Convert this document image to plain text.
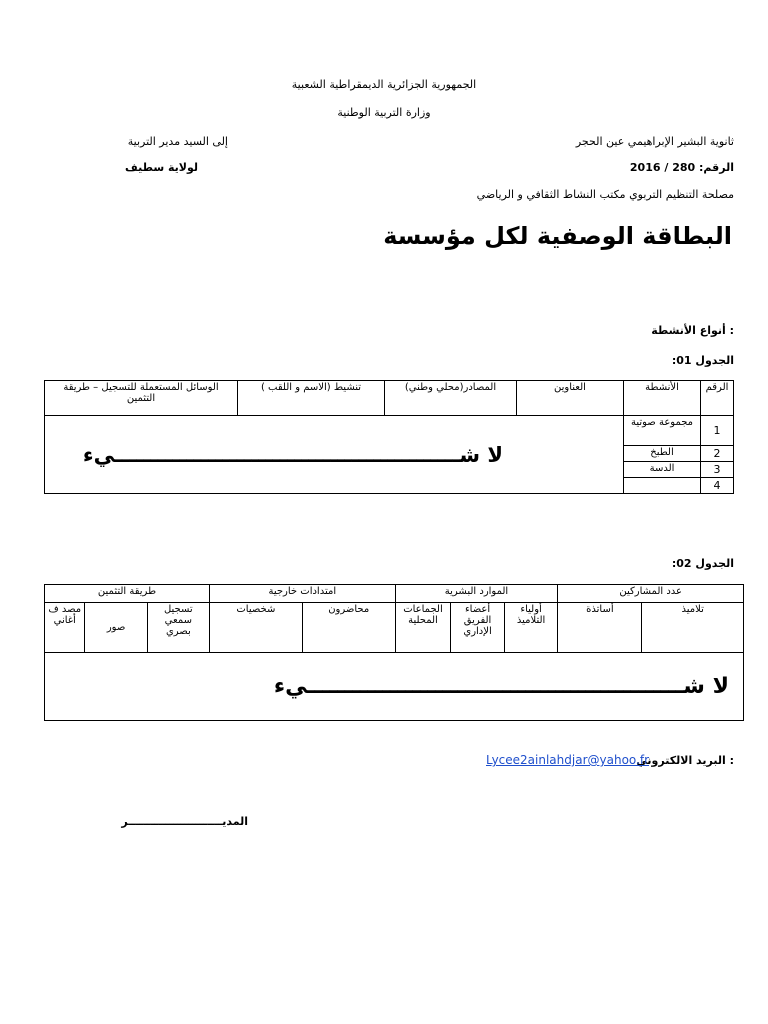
الجمهورية الجزائرية الديمقراطية الشعبية
وزارة التربية الوطنية
ثانوية البشير الإبراهيمي عين الحجر
إلى السيد مدير التربية
الرقم: 280 / 2016
لولاية سطيف
مصلحة التنظيم التربوي مكتب النشاط الثقافي و الرياضي
البطاقة الوصفية لكل مؤسسة
: أنواع الأنشطة
الجدول 01:
الرقم	الأنشطة	العناوين	المصادر(محلي وطني)	تنشيط (الاسم و اللقب )	الوسائل المستعملة للتسجيل – طريقة التثمين
1	مجموعة صوتية	لا شــــــــــــــــــــــــــــــــــــــــــــــــيء			
2	الطبخ				
3	الدسة				
4					
الجدول 02:
عدد المشاركين		الموارد البشرية			امتدادات خارجية		طريقة التثمين		
تلاميذ	أساتذة	أولياء التلاميذ	أعضاء الفريق الإداري	الجماعات المحلية	محاضرون	شخصيات	تسجيل سمعي بصري	صور	مصد ف أغاني
لا شــــــــــــــــــــــــــــــــــــــــــــــــــيء									
: البريد الالكتروني
Lycee2ainlahdjar@yahoo.fr
المديـــــــــــــــــــــــــر
